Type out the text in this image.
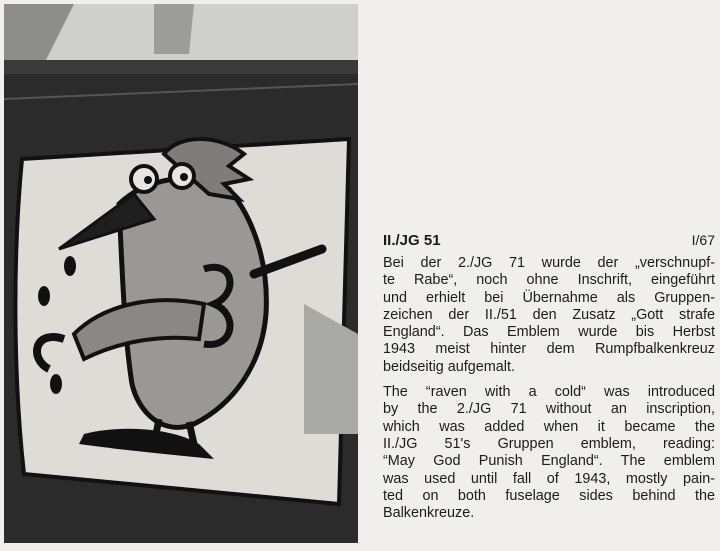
II./JG 51	I/67

Bei der 2./JG 71 wurde der „verschnupf-
te Rabe“, noch ohne Inschrift, eingeführt
und erhielt bei Übernahme als Gruppen-
zeichen der II./51 den Zusatz „Gott strafe
England“. Das Emblem wurde bis Herbst
1943 meist hinter dem Rumpfbalkenkreuz
beidseitig aufgemalt.

The “raven with a cold“ was introduced
by the 2./JG 71 without an inscription,
which was added when it became the
II./JG 51's Gruppen emblem, reading:
“May God Punish England“. The emblem
was used until fall of 1943, mostly pain-
ted on both fuselage sides behind the
Balkenkreuze.
